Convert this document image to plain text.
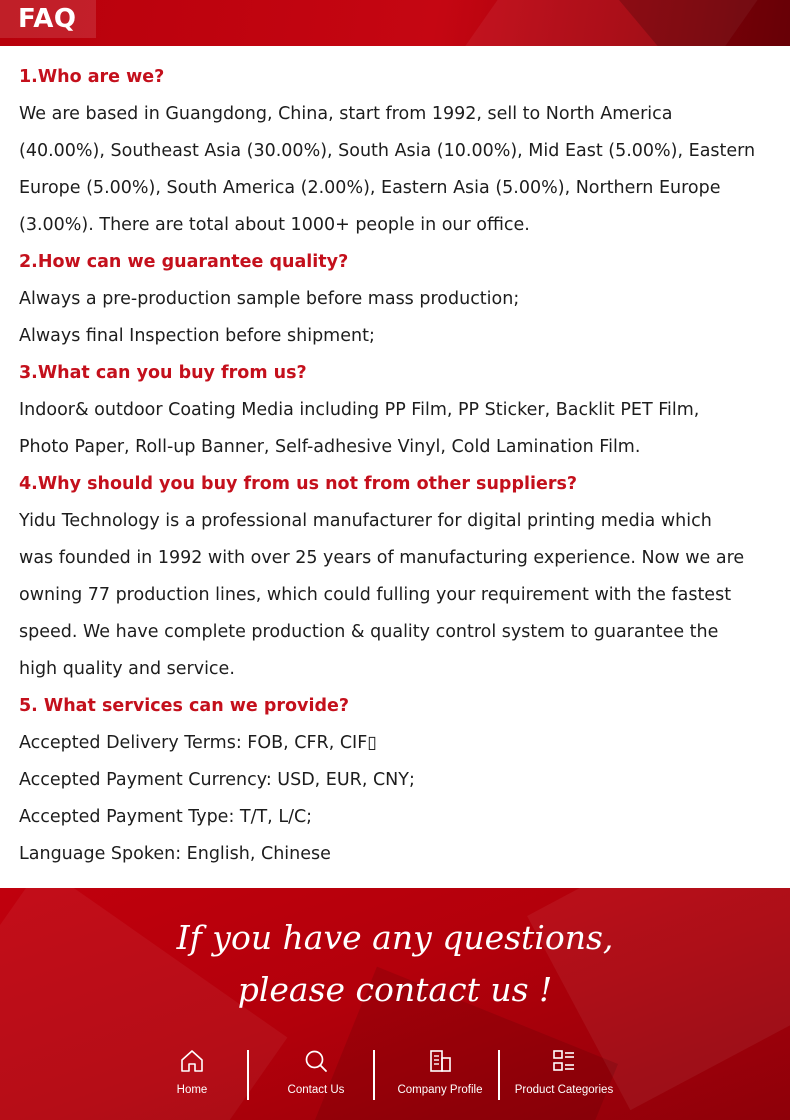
FAQ
1.Who are we?
We are based in Guangdong, China, start from 1992, sell to North America
(40.00%), Southeast Asia (30.00%), South Asia (10.00%), Mid East (5.00%), Eastern
Europe (5.00%), South America (2.00%), Eastern Asia (5.00%), Northern Europe
(3.00%). There are total about 1000+ people in our office.
2.How can we guarantee quality?
Always a pre-production sample before mass production;
Always final Inspection before shipment;
3.What can you buy from us?
Indoor& outdoor Coating Media including PP Film, PP Sticker, Backlit PET Film,
Photo Paper, Roll-up Banner, Self-adhesive Vinyl, Cold Lamination Film.
4.Why should you buy from us not from other suppliers?
Yidu Technology is a professional manufacturer for digital printing media which
was founded in 1992 with over 25 years of manufacturing experience. Now we are
owning 77 production lines, which could fulling your requirement with the fastest
speed. We have complete production & quality control system to guarantee the
high quality and service.
5. What services can we provide?
Accepted Delivery Terms: FOB, CFR, CIF▯
Accepted Payment Currency: USD, EUR, CNY;
Accepted Payment Type: T/T, L/C;
Language Spoken: English, Chinese
If you have any questions,
please contact us !
Home	Contact Us	Company Profile	Product Categories
